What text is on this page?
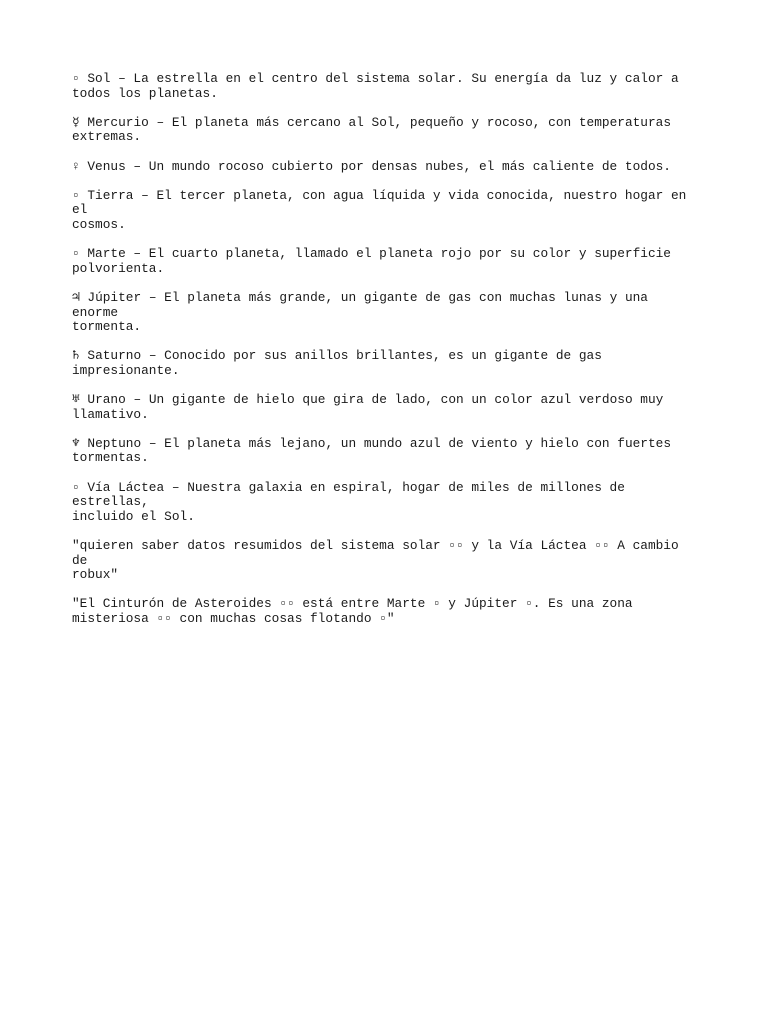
▫ Sol – La estrella en el centro del sistema solar. Su energía da luz y calor a
todos los planetas.

☿ Mercurio – El planeta más cercano al Sol, pequeño y rocoso, con temperaturas
extremas.

♀ Venus – Un mundo rocoso cubierto por densas nubes, el más caliente de todos.

▫ Tierra – El tercer planeta, con agua líquida y vida conocida, nuestro hogar en el
cosmos.

▫ Marte – El cuarto planeta, llamado el planeta rojo por su color y superficie
polvorienta.

♃ Júpiter – El planeta más grande, un gigante de gas con muchas lunas y una enorme
tormenta.

♄ Saturno – Conocido por sus anillos brillantes, es un gigante de gas
impresionante.

♅ Urano – Un gigante de hielo que gira de lado, con un color azul verdoso muy
llamativo.

♆ Neptuno – El planeta más lejano, un mundo azul de viento y hielo con fuertes
tormentas.

▫ Vía Láctea – Nuestra galaxia en espiral, hogar de miles de millones de estrellas,
incluido el Sol.

"quieren saber datos resumidos del sistema solar ▫▫ y la Vía Láctea ▫▫ A cambio de
robux"

"El Cinturón de Asteroides ▫▫ está entre Marte ▫ y Júpiter ▫. Es una zona
misteriosa ▫▫ con muchas cosas flotando ▫"
